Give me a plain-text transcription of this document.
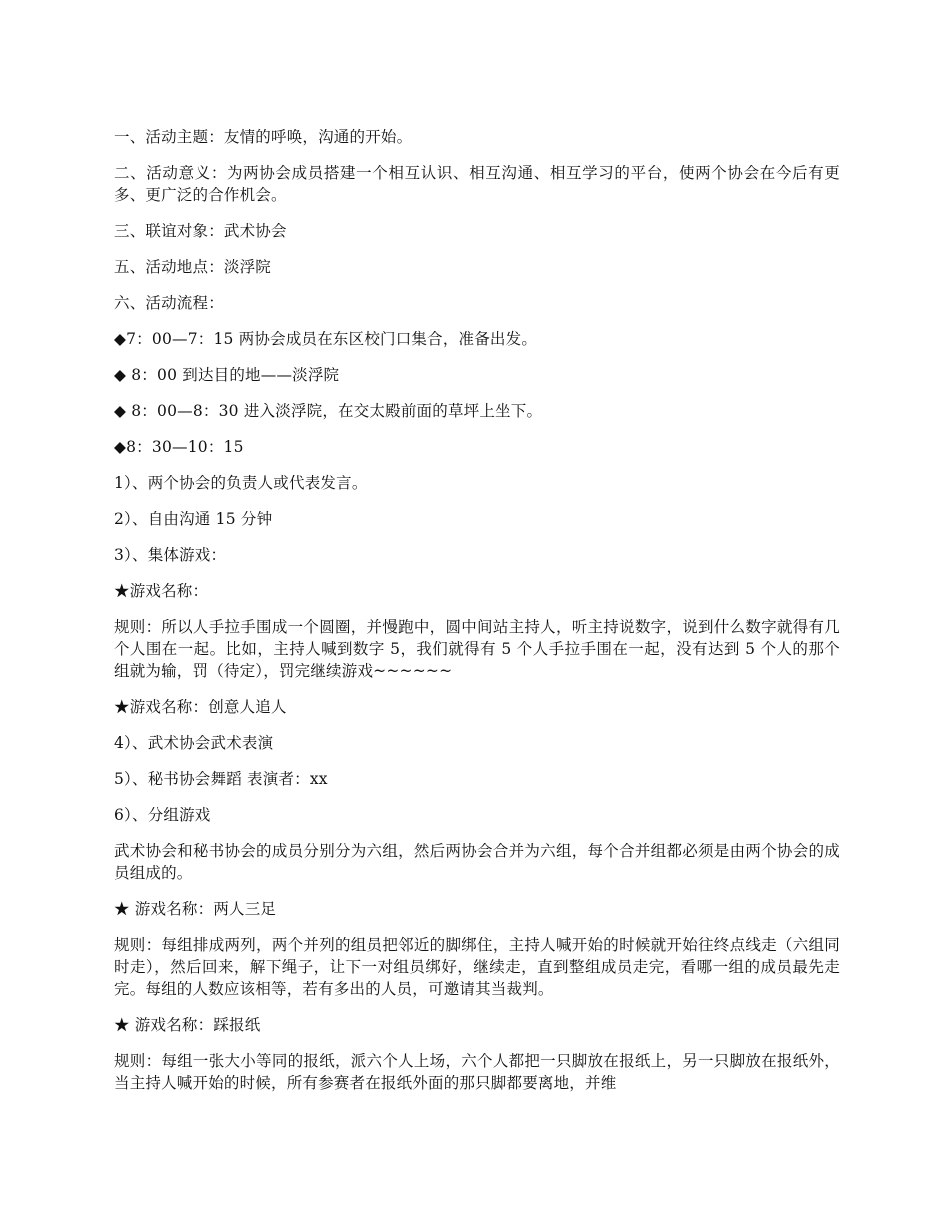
一、活动主题：友情的呼唤，沟通的开始。

二、活动意义：为两协会成员搭建一个相互认识、相互沟通、相互学习的平台，使两个协会在今后有更多、更广泛的合作机会。

三、联谊对象：武术协会

五、活动地点：淡浮院

六、活动流程：

◆7：00—7：15 两协会成员在东区校门口集合，准备出发。

◆ 8：00 到达目的地——淡浮院

◆ 8：00—8：30 进入淡浮院，在交太殿前面的草坪上坐下。

◆8：30—10：15

1）、两个协会的负责人或代表发言。

2）、自由沟通 15 分钟

3）、集体游戏：

★游戏名称：

规则：所以人手拉手围成一个圆圈，并慢跑中，圆中间站主持人，听主持说数字，说到什么数字就得有几个人围在一起。比如，主持人喊到数字 5，我们就得有 5 个人手拉手围在一起，没有达到 5 个人的那个组就为输，罚（待定），罚完继续游戏~~~~~~

★游戏名称：创意人追人

4）、武术协会武术表演

5）、秘书协会舞蹈 表演者：xx

6）、分组游戏

武术协会和秘书协会的成员分别分为六组，然后两协会合并为六组，每个合并组都必须是由两个协会的成员组成的。

★ 游戏名称：两人三足

规则：每组排成两列，两个并列的组员把邻近的脚绑住，主持人喊开始的时候就开始往终点线走（六组同时走），然后回来，解下绳子，让下一对组员绑好，继续走，直到整组成员走完，看哪一组的成员最先走完。每组的人数应该相等，若有多出的人员，可邀请其当裁判。

★ 游戏名称：踩报纸

规则：每组一张大小等同的报纸，派六个人上场，六个人都把一只脚放在报纸上，另一只脚放在报纸外，当主持人喊开始的时候，所有参赛者在报纸外面的那只脚都要离地，并维
